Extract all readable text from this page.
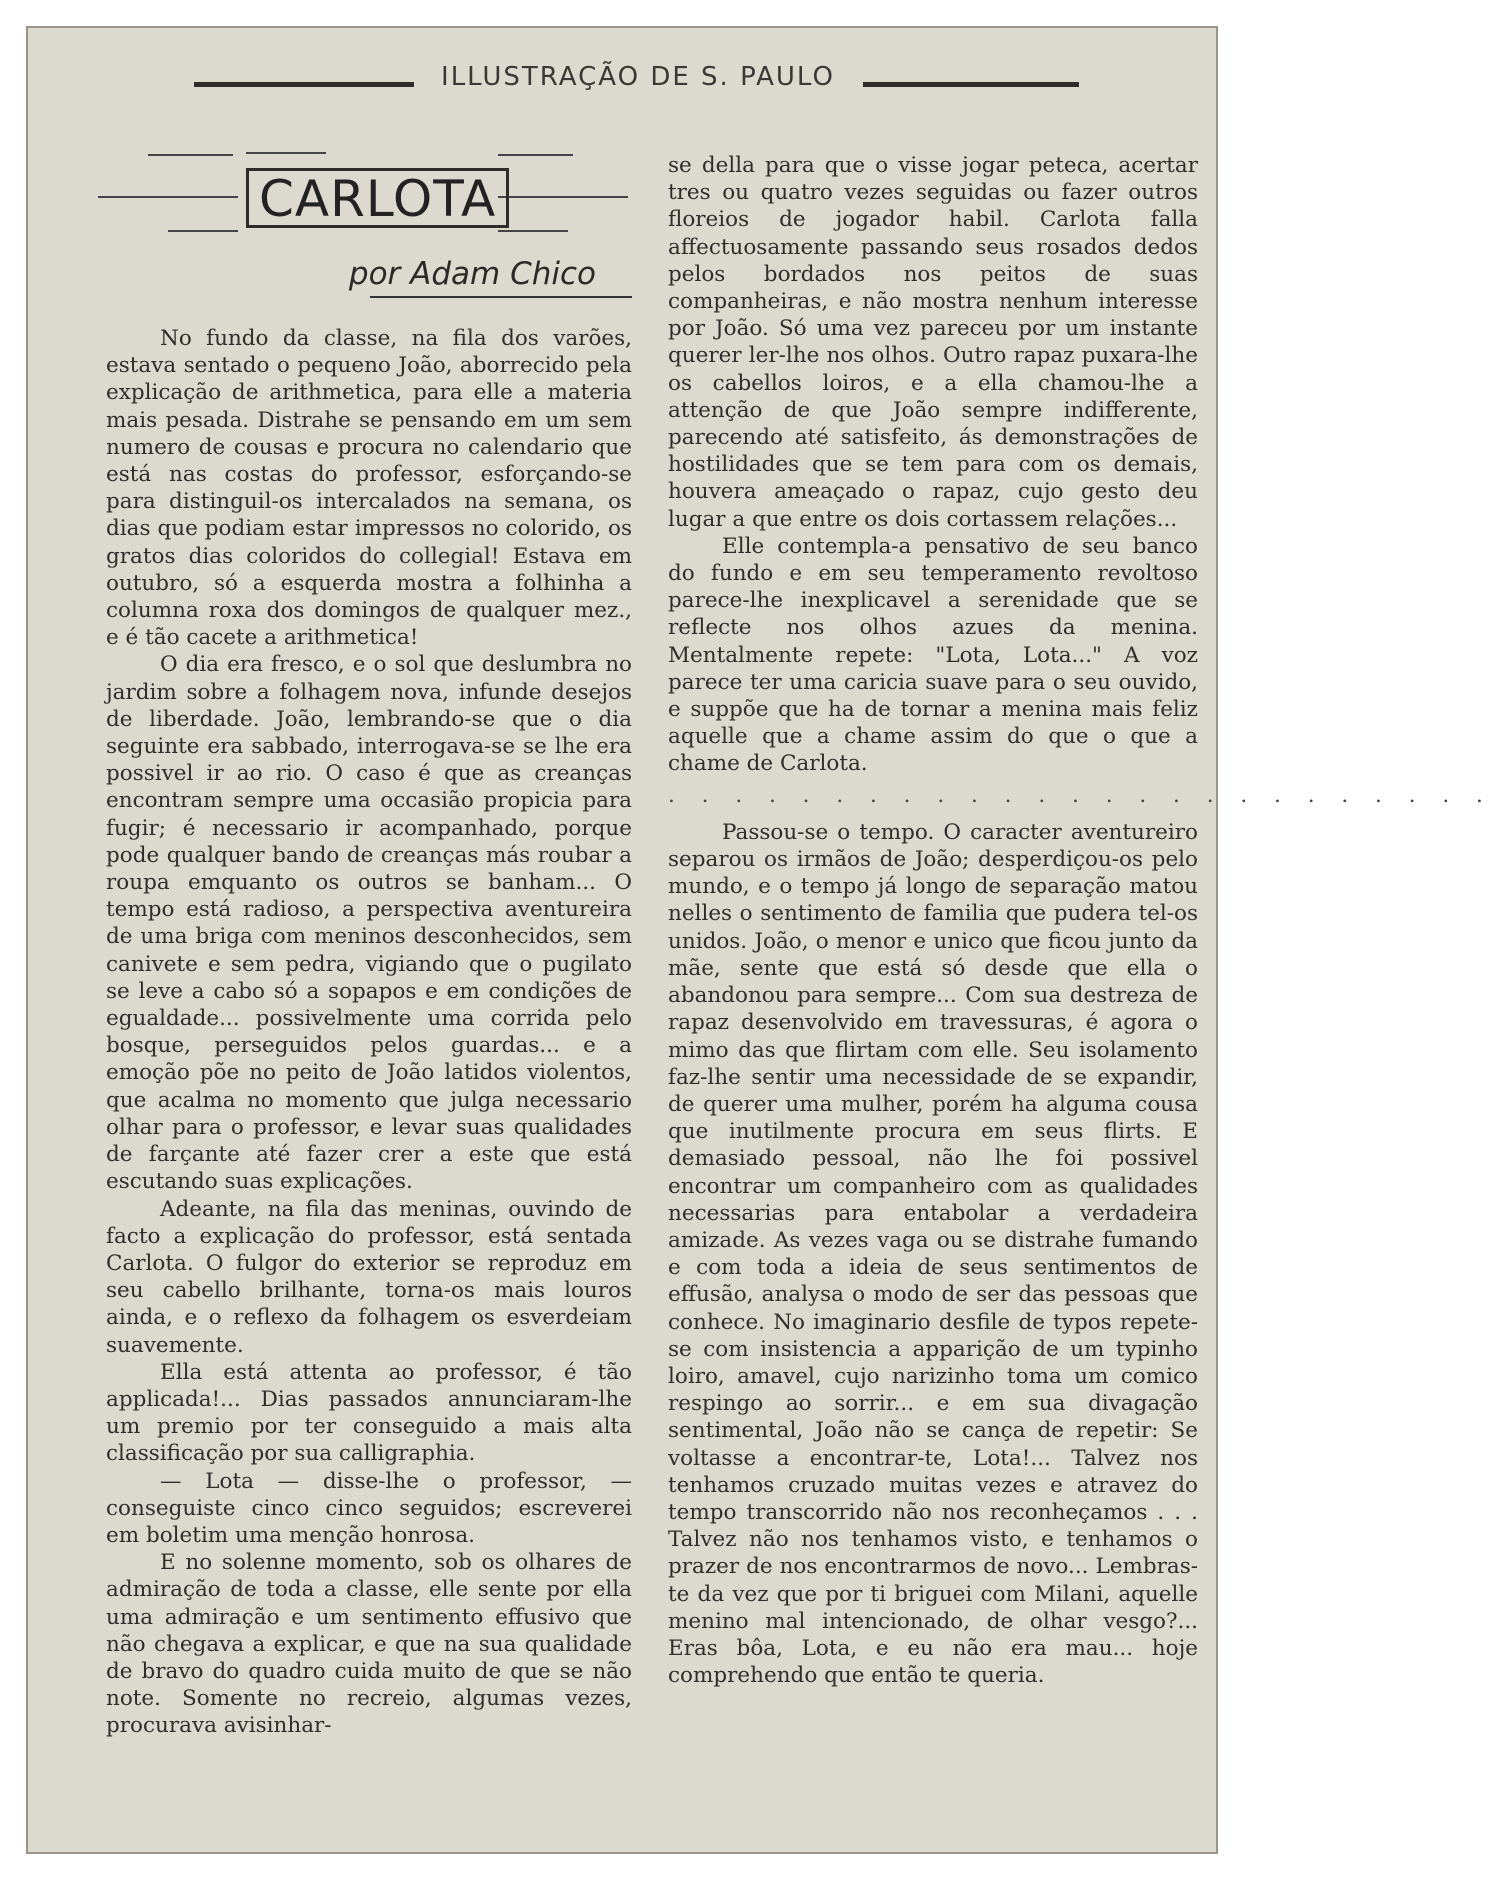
ILLUSTRAÇÃO DE S. PAULO
CARLOTA
por Adam Chico

No fundo da classe, na fila dos varões, estava sentado o pequeno João, aborrecido pela explicação de arithmetica, para elle a materia mais pesada. Distrahe se pensando em um sem numero de cousas e procura no calendario que está nas costas do professor, esforçando-se para distinguil-os intercalados na semana, os dias que podiam estar impressos no colorido, os gratos dias coloridos do collegial! Estava em outubro, só a esquerda mostra a folhinha a columna roxa dos domingos de qualquer mez., e é tão cacete a arithmetica!

O dia era fresco, e o sol que deslumbra no jardim sobre a folhagem nova, infunde desejos de liberdade. João, lembrando-se que o dia seguinte era sabbado, interrogava-se se lhe era possivel ir ao rio. O caso é que as creanças encontram sempre uma occasião propicia para fugir; é necessario ir acompanhado, porque pode qualquer bando de creanças más roubar a roupa emquanto os outros se banham... O tempo está radioso, a perspectiva aventureira de uma briga com meninos desconhecidos, sem canivete e sem pedra, vigiando que o pugilato se leve a cabo só a sopapos e em condições de egualdade... possivelmente uma corrida pelo bosque, perseguidos pelos guardas... e a emoção põe no peito de João latidos violentos, que acalma no momento que julga necessario olhar para o professor, e levar suas qualidades de farçante até fazer crer a este que está escutando suas explicações.

Adeante, na fila das meninas, ouvindo de facto a explicação do professor, está sentada Carlota. O fulgor do exterior se reproduz em seu cabello brilhante, torna-os mais louros ainda, e o reflexo da folhagem os esverdeiam suavemente.

Ella está attenta ao professor, é tão applicada!... Dias passados annunciaram-lhe um premio por ter conseguido a mais alta classificação por sua calligraphia.

— Lota — disse-lhe o professor, — conseguiste cinco cinco seguidos; escreverei em boletim uma menção honrosa.

E no solenne momento, sob os olhares de admiração de toda a classe, elle sente por ella uma admiração e um sentimento effusivo que não chegava a explicar, e que na sua qualidade de bravo do quadro cuida muito de que se não note. Somente no recreio, algumas vezes, procurava avisinhar-

se della para que o visse jogar peteca, acertar tres ou quatro vezes seguidas ou fazer outros floreios de jogador habil. Carlota falla affectuosamente passando seus rosados dedos pelos bordados nos peitos de suas companheiras, e não mostra nenhum interesse por João. Só uma vez pareceu por um instante querer ler-lhe nos olhos. Outro rapaz puxara-lhe os cabellos loiros, e a ella chamou-lhe a attenção de que João sempre indifferente, parecendo até satisfeito, ás demonstrações de hostilidades que se tem para com os demais, houvera ameaçado o rapaz, cujo gesto deu lugar a que entre os dois cortassem relações...

Elle contempla-a pensativo de seu banco do fundo e em seu temperamento revoltoso parece-lhe inexplicavel a serenidade que se reflecte nos olhos azues da menina. Mentalmente repete: "Lota, Lota..." A voz parece ter uma caricia suave para o seu ouvido, e suppõe que ha de tornar a menina mais feliz aquelle que a chame assim do que o que a chame de Carlota.

. . . . . . . . . . . . . . . . . . . . . . . . .

Passou-se o tempo. O caracter aventureiro separou os irmãos de João; desperdiçou-os pelo mundo, e o tempo já longo de separação matou nelles o sentimento de familia que pudera tel-os unidos. João, o menor e unico que ficou junto da mãe, sente que está só desde que ella o abandonou para sempre... Com sua destreza de rapaz desenvolvido em travessuras, é agora o mimo das que flirtam com elle. Seu isolamento faz-lhe sentir uma necessidade de se expandir, de querer uma mulher, porém ha alguma cousa que inutilmente procura em seus flirts. E demasiado pessoal, não lhe foi possivel encontrar um companheiro com as qualidades necessarias para entabolar a verdadeira amizade. As vezes vaga ou se distrahe fumando e com toda a ideia de seus sentimentos de effusão, analysa o modo de ser das pessoas que conhece. No imaginario desfile de typos repete-se com insistencia a apparição de um typinho loiro, amavel, cujo narizinho toma um comico respingo ao sorrir... e em sua divagação sentimental, João não se cança de repetir: Se voltasse a encontrar-te, Lota!... Talvez nos tenhamos cruzado muitas vezes e atravez do tempo transcorrido não nos reconheçamos . . . Talvez não nos tenhamos visto, e tenhamos o prazer de nos encontrarmos de novo... Lembras-te da vez que por ti briguei com Milani, aquelle menino mal intencionado, de olhar vesgo?... Eras bôa, Lota, e eu não era mau... hoje comprehendo que então te queria.
